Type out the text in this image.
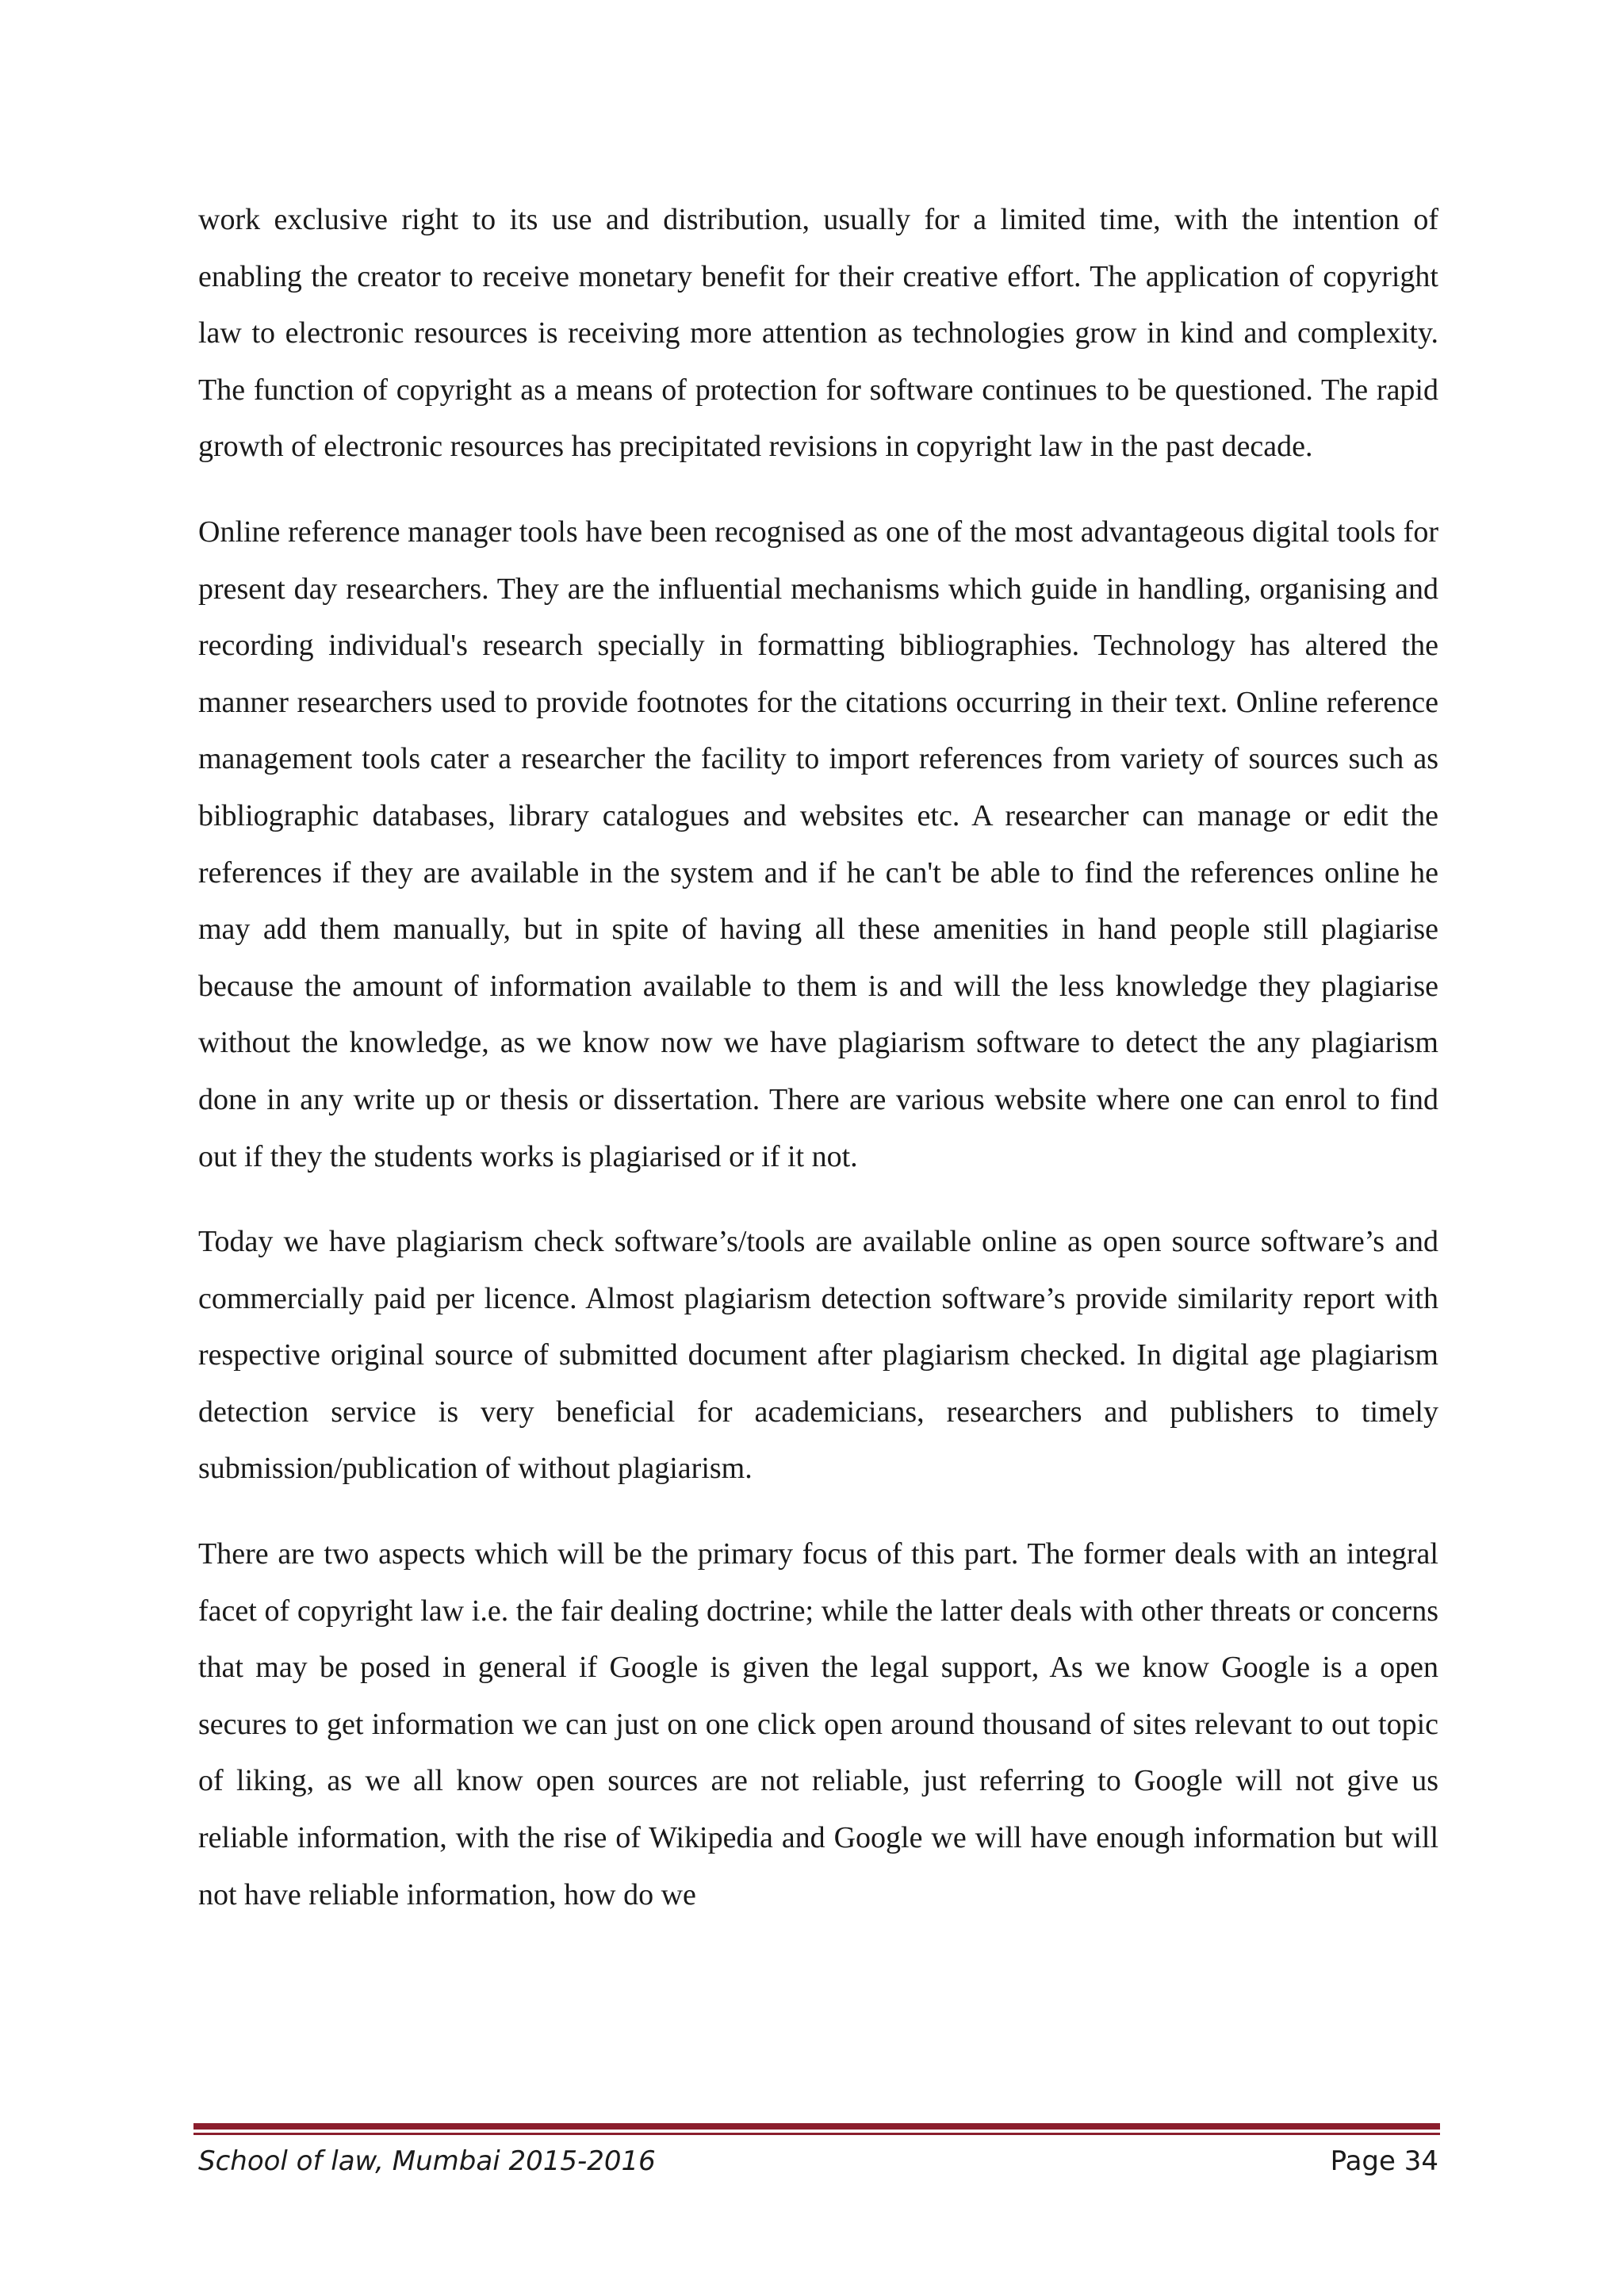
work exclusive right to its use and distribution, usually for a limited time, with the intention of enabling the creator to receive monetary benefit for their creative effort. The application of copyright law to electronic resources is receiving more attention as technologies grow in kind and complexity. The function of copyright as a means of protection for software continues to be questioned. The rapid growth of electronic resources has precipitated revisions in copyright law in the past decade.

Online reference manager tools have been recognised as one of the most advantageous digital tools for present day researchers. They are the influential mechanisms which guide in handling, organising and recording individual's research specially in formatting bibliographies. Technology has altered the manner researchers used to provide footnotes for the citations occurring in their text. Online reference management tools cater a researcher the facility to import references from variety of sources such as bibliographic databases, library catalogues and websites etc. A researcher can manage or edit the references if they are available in the system and if he can't be able to find the references online he may add them manually, but in spite of having all these amenities in hand people still plagiarise because the amount of information available to them is and will the less knowledge they plagiarise without the knowledge, as we know now we have plagiarism software to detect the any plagiarism done in any write up or thesis or dissertation. There are various website where one can enrol to find out if they the students works is plagiarised or if it not.

Today we have plagiarism check software’s/tools are available online as open source software’s and commercially paid per licence. Almost plagiarism detection software’s provide similarity report with respective original source of submitted document after plagiarism checked. In digital age plagiarism detection service is very beneficial for academicians, researchers and publishers to timely submission/publication of without plagiarism.

There are two aspects which will be the primary focus of this part. The former deals with an integral facet of copyright law i.e. the fair dealing doctrine; while the latter deals with other threats or concerns that may be posed in general if Google is given the legal support, As we know Google is a open secures to get information we can just on one click open around thousand of sites relevant to out topic of liking, as we all know open sources are not reliable, just referring to Google will not give us reliable information, with the rise of Wikipedia and Google we will have enough information but will not have reliable information, how do we

School of law, Mumbai 2015-2016	Page 34
